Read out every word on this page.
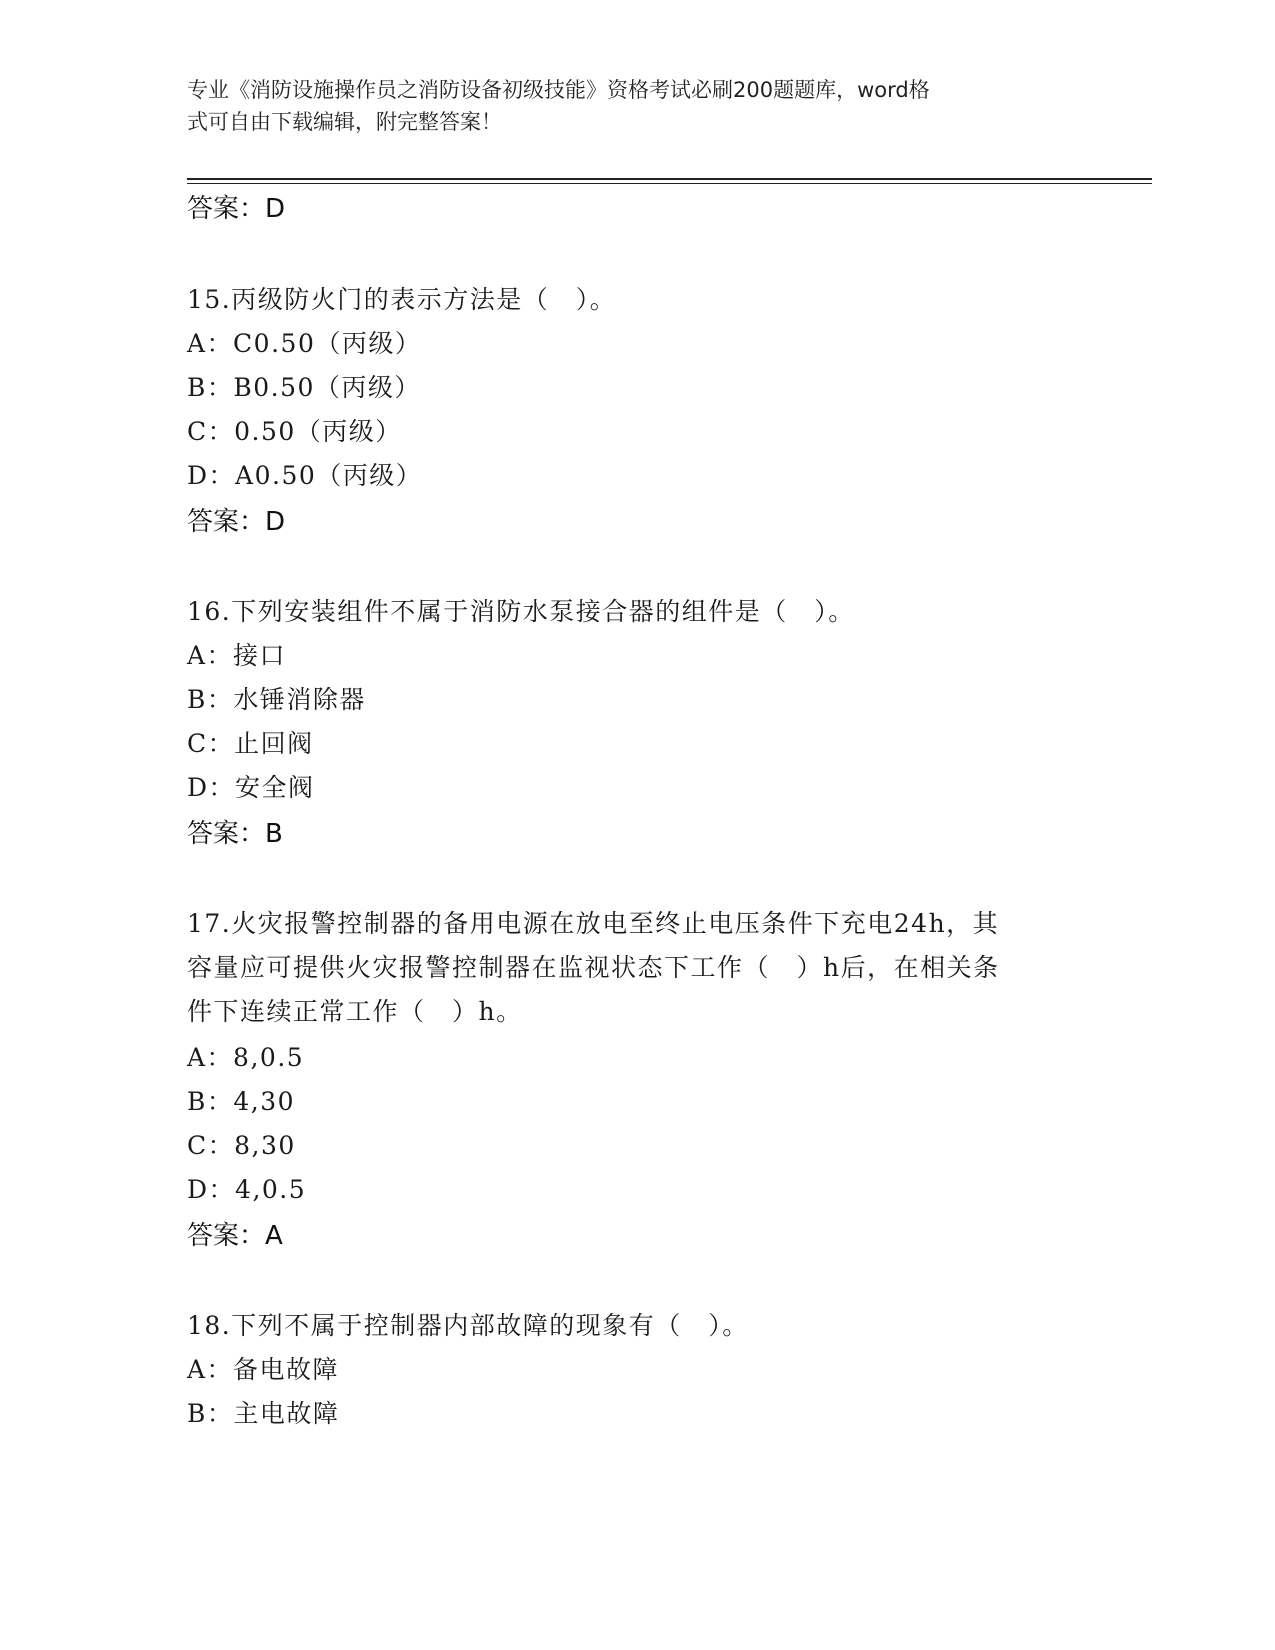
专业《消防设施操作员之消防设备初级技能》资格考试必刷200题题库，word格
式可自由下载编辑，附完整答案！
答案：D
15.丙级防火门的表示方法是（　）。
A：C0.50（丙级）
B：B0.50（丙级）
C：0.50（丙级）
D：A0.50（丙级）
答案：D
16.下列安装组件不属于消防水泵接合器的组件是（　）。
A：接口
B：水锤消除器
C：止回阀
D：安全阀
答案：B
17.火灾报警控制器的备用电源在放电至终止电压条件下充电24h，其
容量应可提供火灾报警控制器在监视状态下工作（　）h后，在相关条
件下连续正常工作（　）h。
A：8,0.5
B：4,30
C：8,30
D：4,0.5
答案：A
18.下列不属于控制器内部故障的现象有（　）。
A：备电故障
B：主电故障
